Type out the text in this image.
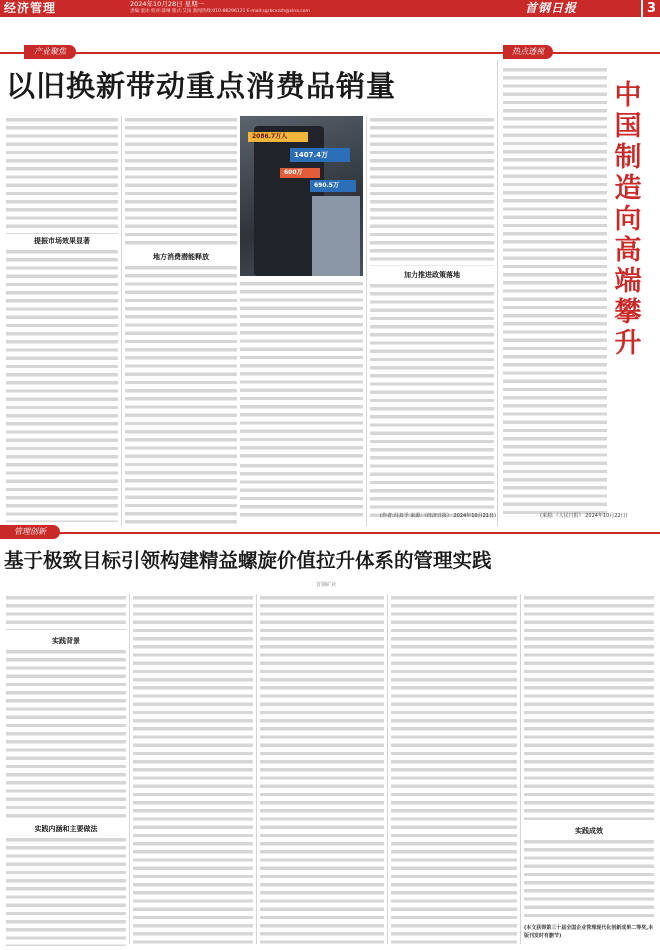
经济管理	2024年10月28日 星期一
责编:童冰 校对:薛琳 版式:艾雨 新闻热线:010-88296121 E-mail:sgrbcxzzh@sina.com	首钢日报	3
产业聚焦
以旧换新带动重点消费品销量
提振市场效果显著
地方消费潜能释放
2086.7万人
1407.4万
600万
690.5万
加力推进政策落地
(作者:冯其予 来源:《经济日报》 2024年10月21日)
热点透视
中国制造向高端攀升
(来源:《人民日报》 2024年10月22日)
管理创新
基于极致目标引领构建精益螺旋价值拉升体系的管理实践
首钢矿业
实践背景
实践内涵和主要做法	实践成效
(本文获得第三十届全国企业管理现代化创新成果二等奖,本版刊发时有删节)
